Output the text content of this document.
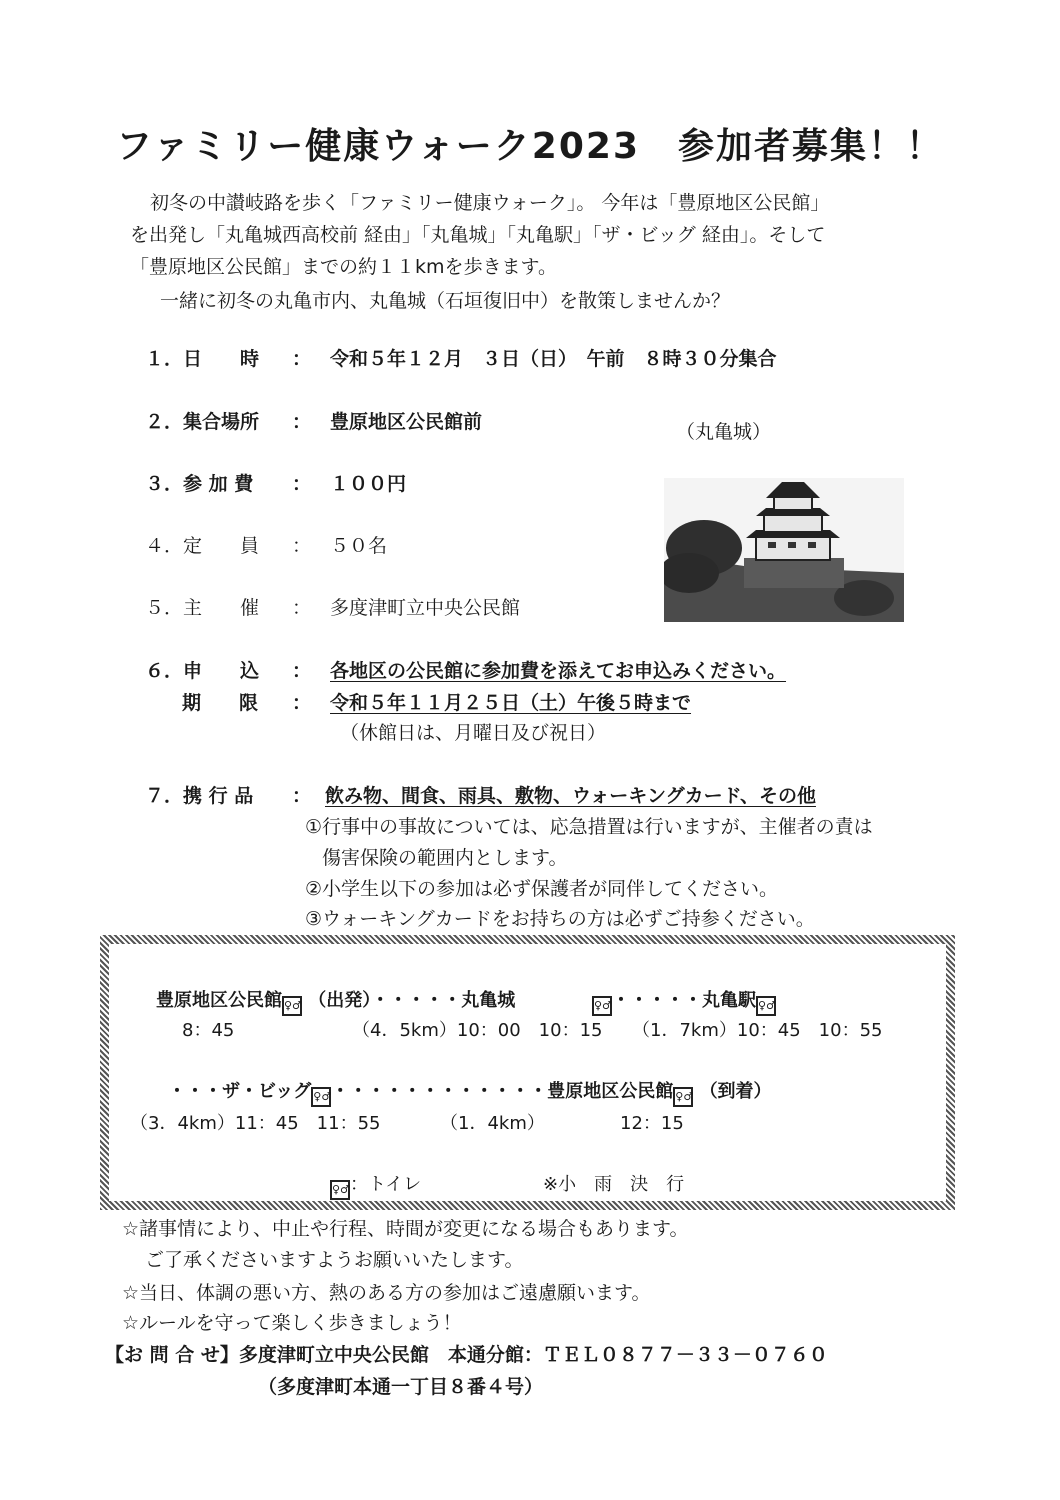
ファミリー健康ウォーク2023　参加者募集！！
初冬の中讃岐路を歩く「ファミリー健康ウォーク」。 今年は「豊原地区公民館」
を出発し「丸亀城西高校前 経由」「丸亀城」「丸亀駅」「ザ・ビッグ 経由」。そして
「豊原地区公民館」までの約１１kmを歩きます。
一緒に初冬の丸亀市内、丸亀城（石垣復旧中）を散策しませんか？
１．日　　時 ： 令和５年１２月　３日（日）　午前　８時３０分集合
２．集合場所 ： 豊原地区公民館前
３．参 加 費 ： １００円
４．定　　員 ： ５０名
５．主　　催 ： 多度津町立中央公民館
６．申　　込 ： 各地区の公民館に参加費を添えてお申込みください。
期　　限 ： 令和５年１１月２５日（土）午後５時まで
（休館日は、月曜日及び祝日）
７．携 行 品 ： 飲み物、間食、雨具、敷物、ウォーキングカード、その他
①行事中の事故については、応急措置は行いますが、主催者の責は
傷害保険の範囲内とします。
②小学生以下の参加は必ず保護者が同伴してください。
③ウォーキングカードをお持ちの方は必ずご持参ください。
（丸亀城）
豊原地区公民館 ♀♂ （出発）・・・・・丸亀城	♀♂・・・・・丸亀駅 ♀♂
8：45	（4．5km）10：00　10：15 （1．7km）10：45　10：55
・・・ザ・ビッグ ♀♂・・・・・・・・・・・・豊原地区公民館 ♀♂ （到着）
（3．4km）11：45　11：55	（1．4km）	12：15
♀♂：トイレ	※小　雨　決　行
☆諸事情により、中止や行程、時間が変更になる場合もあります。
ご了承くださいますようお願いいたします。
☆当日、体調の悪い方、熱のある方の参加はご遠慮願います。
☆ルールを守って楽しく歩きましょう！
【お 問 合 せ】多度津町立中央公民館　本通分館：ＴＥＬ０８７７－３３－０７６０
（多度津町本通一丁目８番４号）
